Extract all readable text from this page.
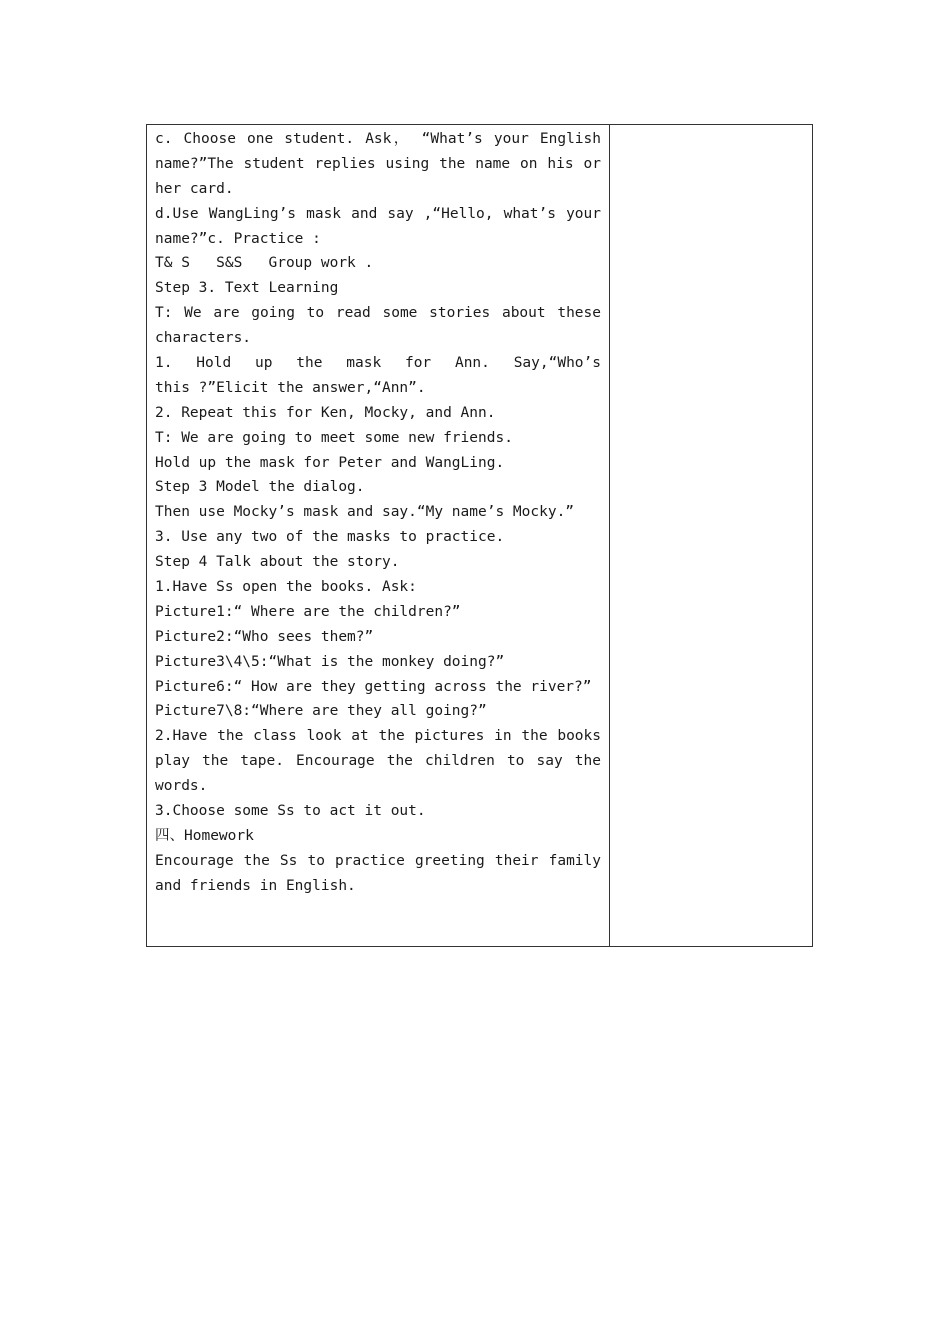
c. Choose one student. Ask， “What’s your English
name?”The student replies using the name on his or
her card.
d.Use WangLing’s mask and say ,“Hello, what’s your
name?”c. Practice :
T& S   S&S   Group work .
Step 3. Text Learning
T: We are going to read some stories about these
characters.
1. Hold up the mask for Ann. Say,“Who’s
this ?”Elicit the answer,“Ann”.
2. Repeat this for Ken, Mocky, and Ann.
T: We are going to meet some new friends.
Hold up the mask for Peter and WangLing.
Step 3 Model the dialog.
Then use Mocky’s mask and say.“My name’s Mocky.”
3. Use any two of the masks to practice.
Step 4 Talk about the story.
1.Have Ss open the books. Ask:
Picture1:“ Where are the children?”
Picture2:“Who sees them?”
Picture3\4\5:“What is the monkey doing?”
Picture6:“ How are they getting across the river?”
Picture7\8:“Where are they all going?”
2.Have the class look at the pictures in the books
play the tape. Encourage the children to say the
words.
3.Choose some Ss to act it out.
四、Homework
Encourage the Ss to practice greeting their family
and friends in English.
